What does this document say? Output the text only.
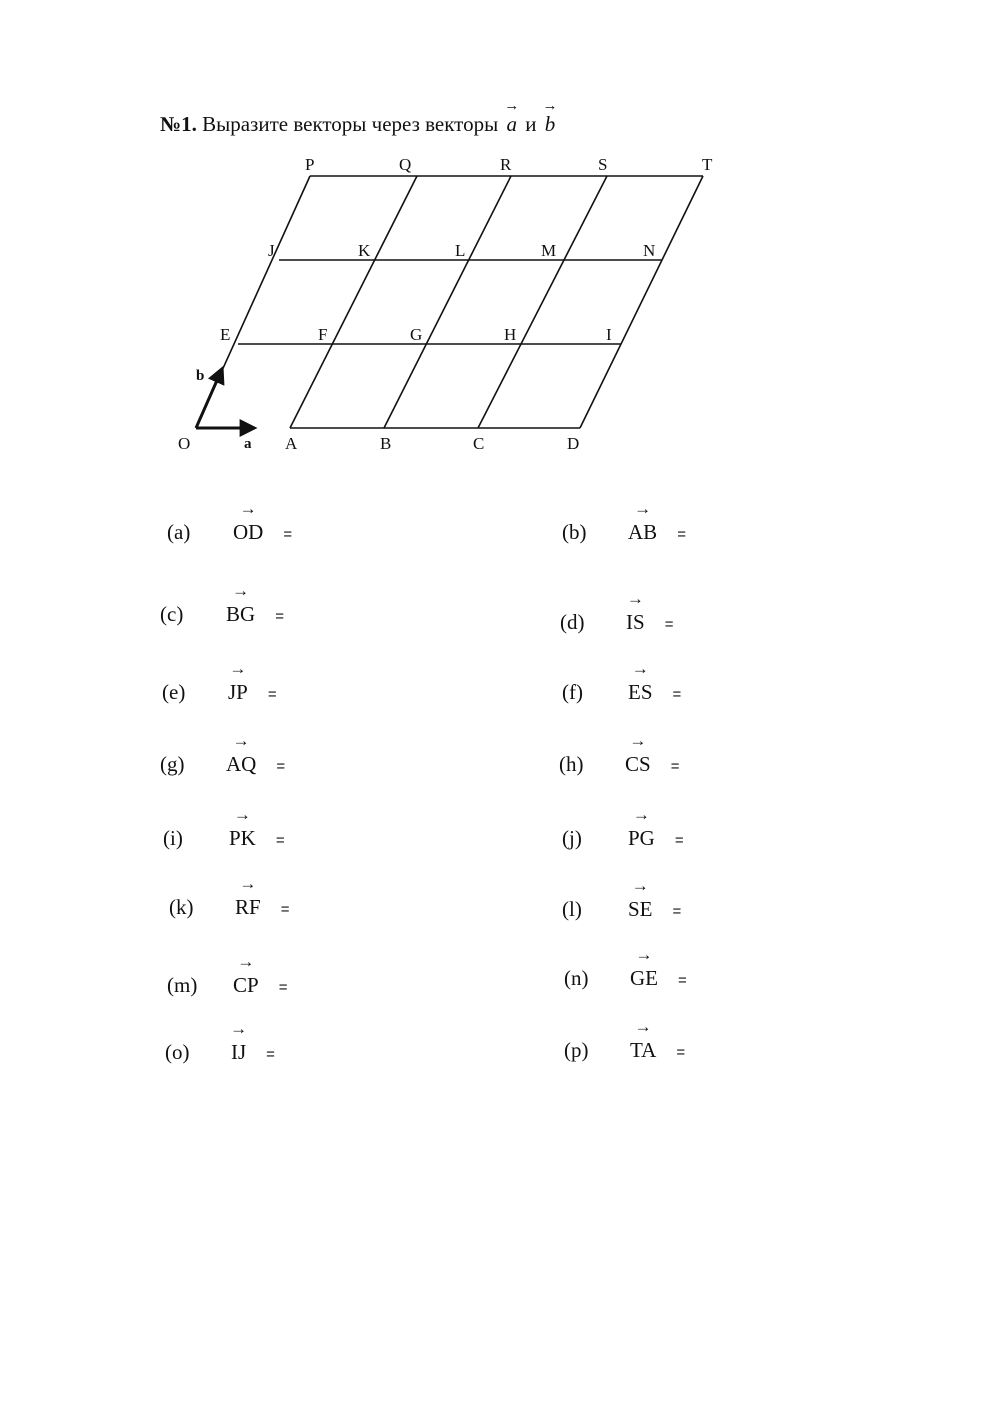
№1. Выразите векторы через векторы → a и → b
a
b
P	Q	R	S	T
J	K	L	M	N
E	F	G	H	I
O	A	B	C	D
(a)
→
OD =
(c)
→
BG =
(e)
→
JP =
(g)
→
AQ =
(i)
→
PK =
(k)
→
RF =
(m)
→
CP =
(o)
→
IJ =
(b)
→
AB =
(d)
→
IS =
(f)
→
ES =
(h)
→
CS =
(j)
→
PG =
(l)
→
SE =
(n)
→
GE =
(p)
→
TA =
